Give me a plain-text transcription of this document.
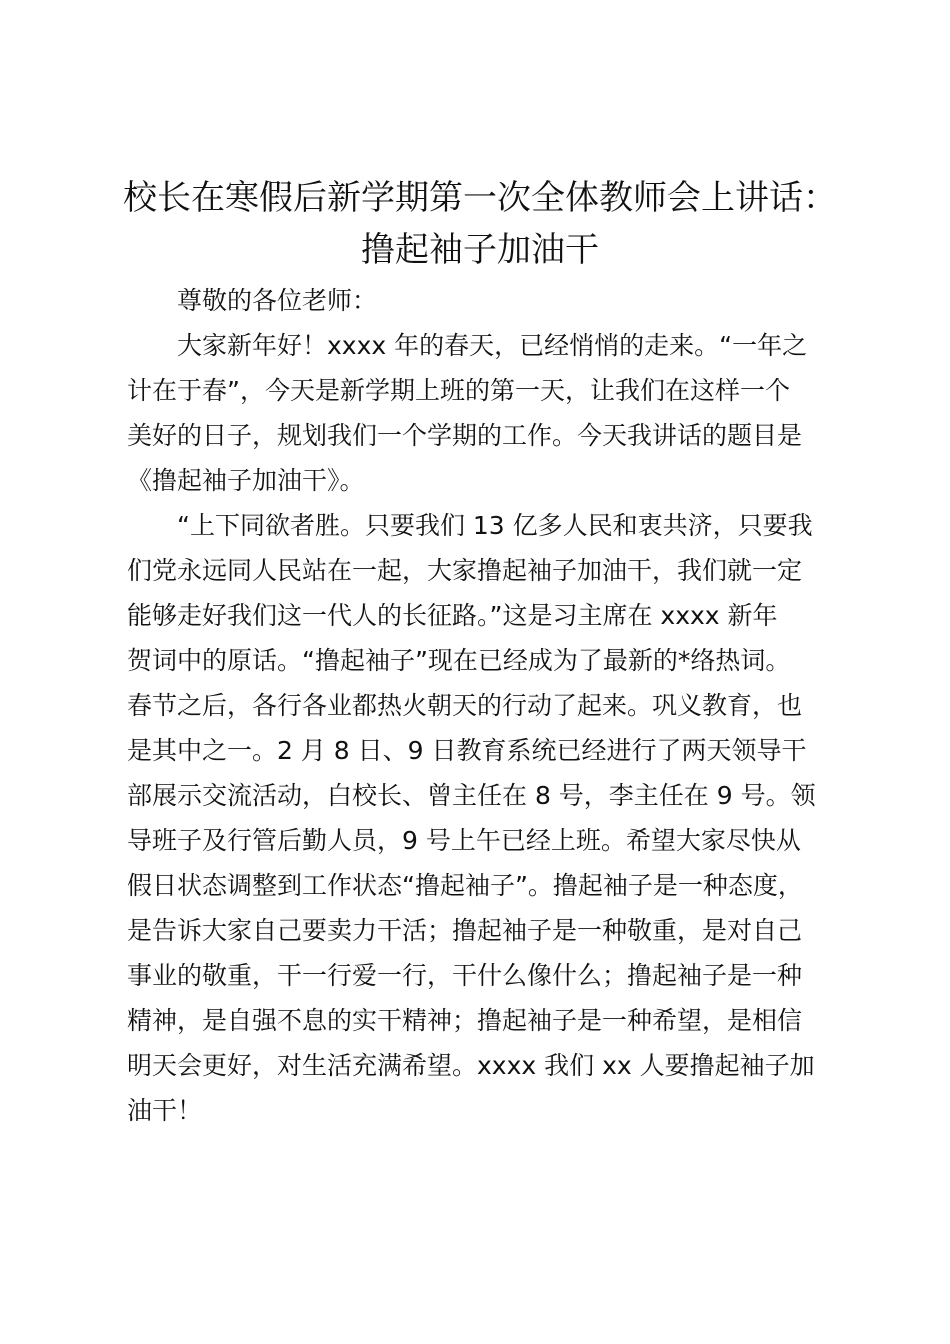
校长在寒假后新学期第一次全体教师会上讲话：
撸起袖子加油干
尊敬的各位老师：
大家新年好！xxxx 年的春天，已经悄悄的走来。“一年之
计在于春”，今天是新学期上班的第一天，让我们在这样一个
美好的日子，规划我们一个学期的工作。今天我讲话的题目是
《撸起袖子加油干》。
“上下同欲者胜。只要我们 13 亿多人民和衷共济，只要我
们党永远同人民站在一起，大家撸起袖子加油干，我们就一定
能够走好我们这一代人的长征路。”这是习主席在 xxxx 新年
贺词中的原话。“撸起袖子”现在已经成为了最新的*络热词。
春节之后，各行各业都热火朝天的行动了起来。巩义教育，也
是其中之一。2 月 8 日、9 日教育系统已经进行了两天领导干
部展示交流活动，白校长、曾主任在 8 号，李主任在 9 号。领
导班子及行管后勤人员，9 号上午已经上班。希望大家尽快从
假日状态调整到工作状态“撸起袖子”。撸起袖子是一种态度，
是告诉大家自己要卖力干活；撸起袖子是一种敬重，是对自己
事业的敬重，干一行爱一行，干什么像什么；撸起袖子是一种
精神，是自强不息的实干精神；撸起袖子是一种希望，是相信
明天会更好，对生活充满希望。xxxx 我们 xx 人要撸起袖子加
油干！
